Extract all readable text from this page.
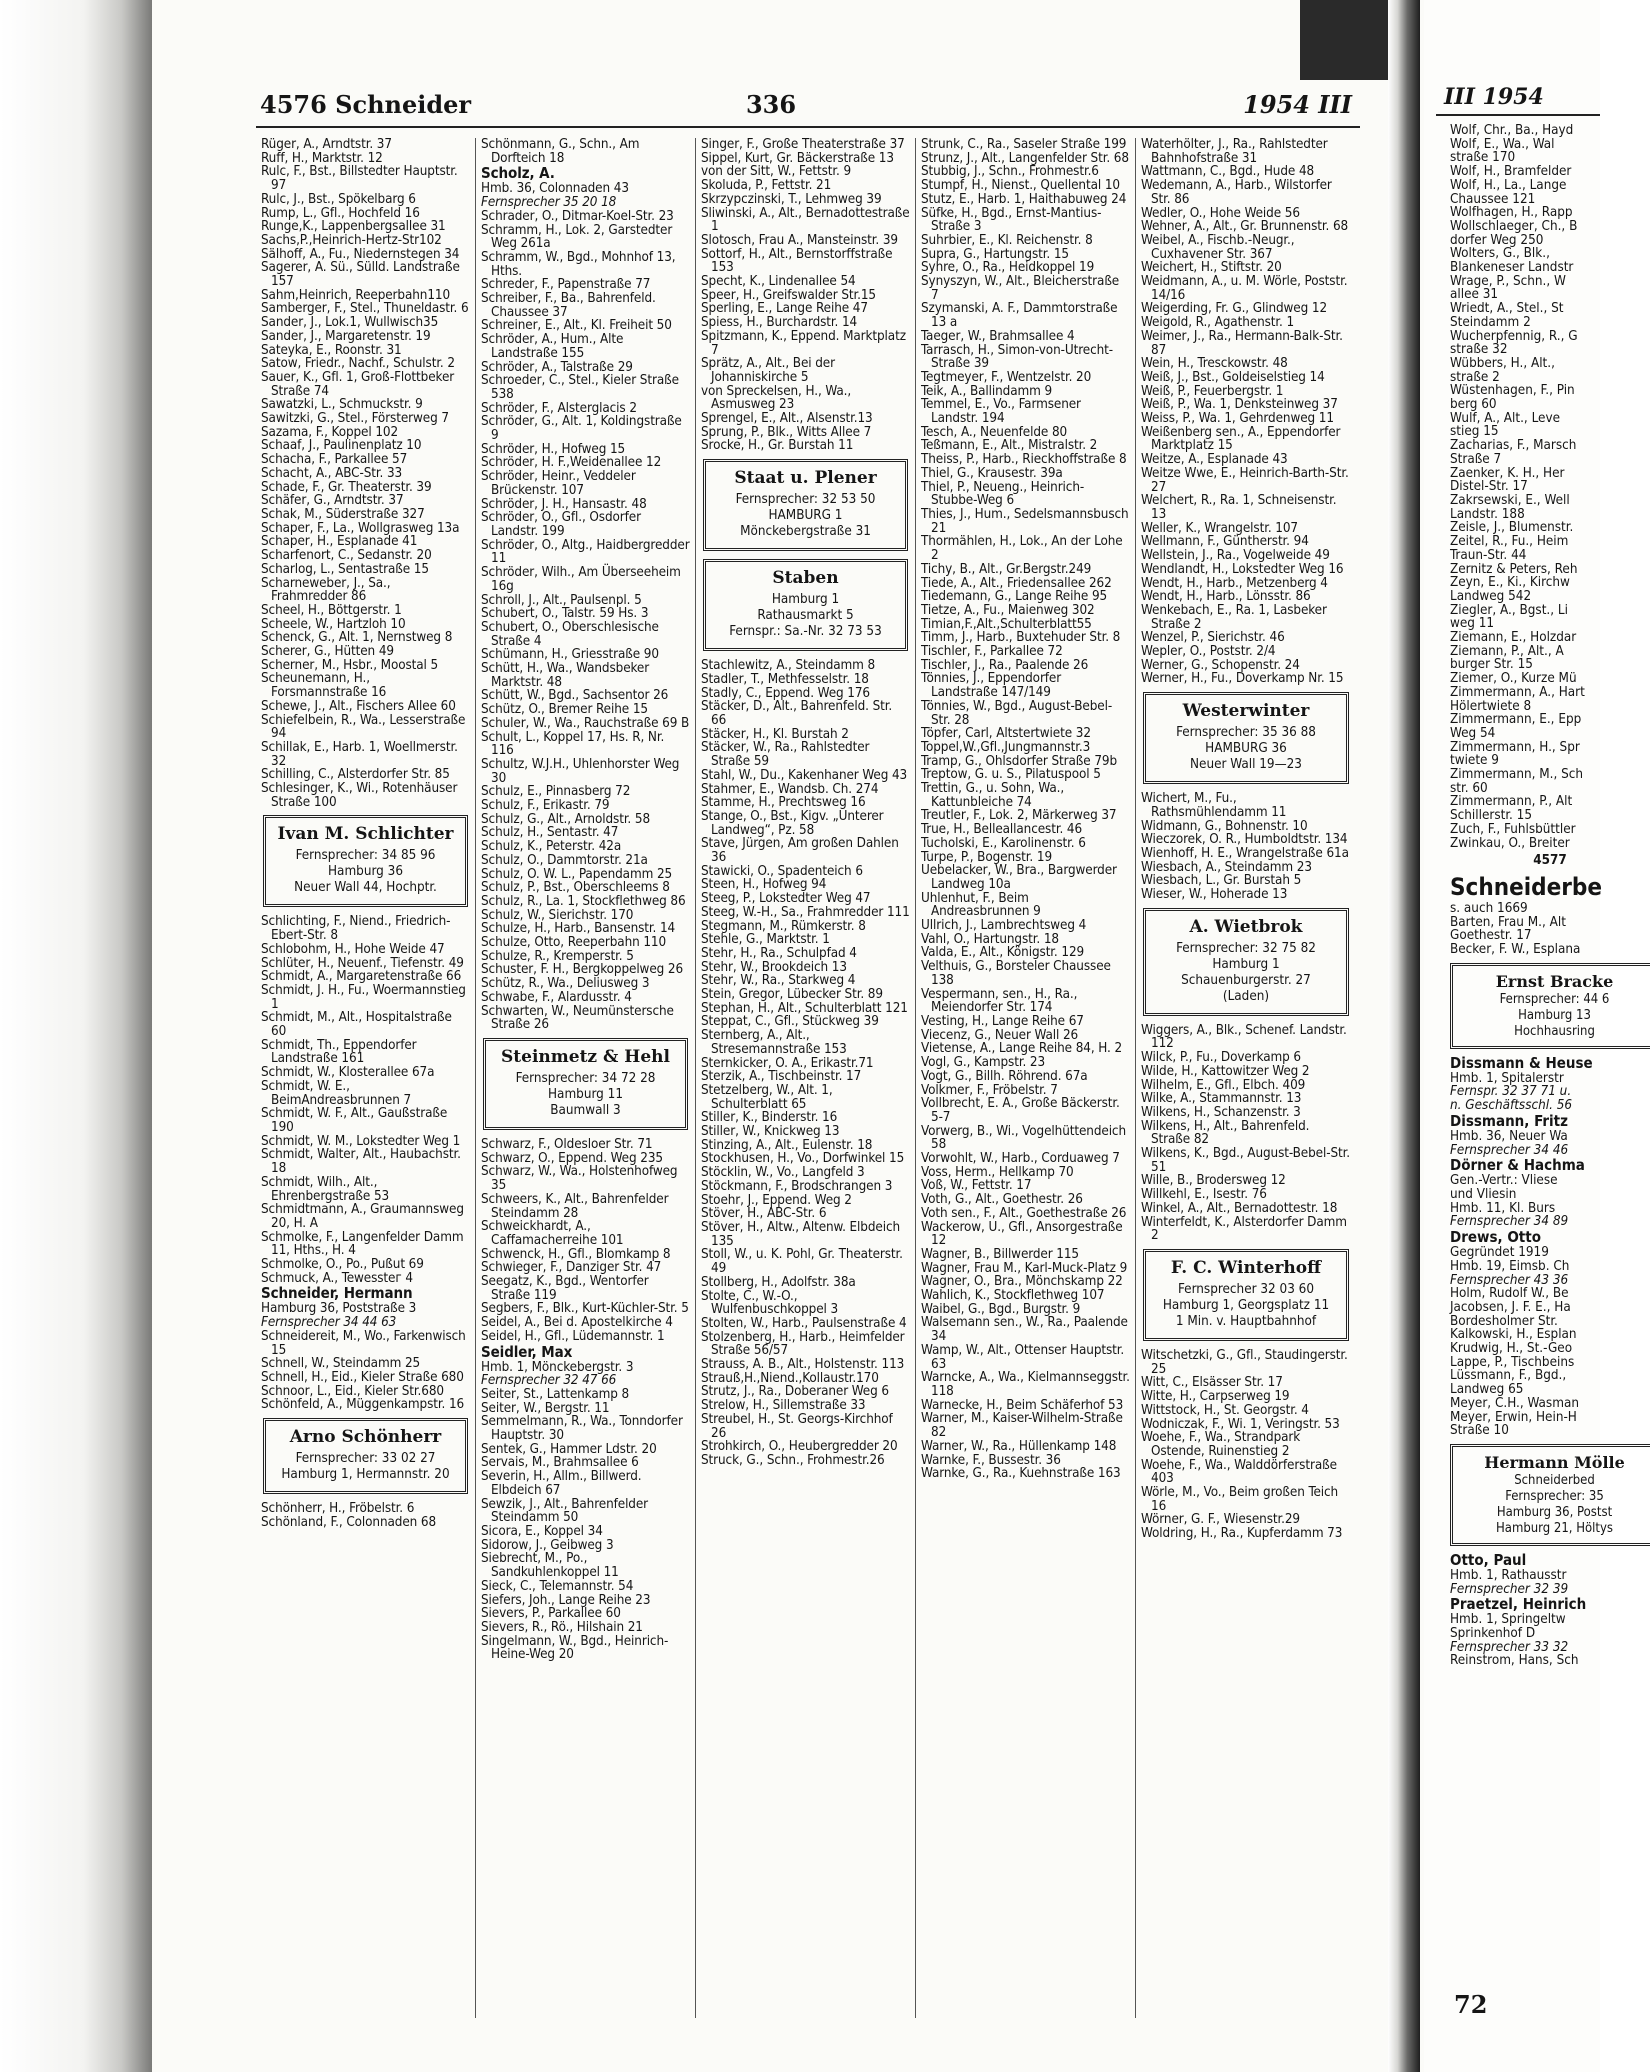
4576 Schneider	336	1954 III

Rüger, A., Arndtstr. 37

Ruff, H., Marktstr. 12

Rulc, F., Bst., Billstedter Hauptstr. 97

Rulc, J., Bst., Spökelbarg 6

Rump, L., Gfl., Hochfeld 16

Runge,K., Lappenbergsallee 31

Sachs,P.,Heinrich-Hertz-Str102

Sälhoff, A., Fu., Niedernstegen 34

Sagerer, A. Sü., Sülld. Landstraße 157

Sahm,Heinrich, Reeperbahn110

Samberger, F., Stel., Thuneldastr. 6

Sander, J., Lok.1, Wullwisch35

Sander, J., Margaretenstr. 19

Sateyka, E., Roonstr. 31

Satow, Friedr., Nachf., Schulstr. 2

Sauer, K., Gfl. 1, Groß-Flottbeker Straße 74

Sawatzki, L., Schmuckstr. 9

Sawitzki, G., Stel., Försterweg 7

Sazama, F., Koppel 102

Schaaf, J., Paulinenplatz 10

Schacha, F., Parkallee 57

Schacht, A., ABC-Str. 33

Schade, F., Gr. Theaterstr. 39

Schäfer, G., Arndtstr. 37

Schak, M., Süderstraße 327

Schaper, F., La., Wollgrasweg 13a

Schaper, H., Esplanade 41

Scharfenort, C., Sedanstr. 20

Scharlog, L., Sentastraße 15

Scharneweber, J., Sa., Frahmredder 86

Scheel, H., Böttgerstr. 1

Scheele, W., Hartzloh 10

Schenck, G., Alt. 1, Nernstweg 8

Scherer, G., Hütten 49

Scherner, M., Hsbr., Moostal 5

Scheunemann, H., Forsmannstraße 16

Schewe, J., Alt., Fischers Allee 60

Schiefelbein, R., Wa., Lesserstraße 94

Schillak, E., Harb. 1, Woellmerstr. 32

Schilling, C., Alsterdorfer Str. 85

Schlesinger, K., Wi., Rotenhäuser Straße 100

Ivan M. Schlichter
Fernsprecher: 34 85 96
Hamburg 36
Neuer Wall 44, Hochptr.

Schlichting, F., Niend., Friedrich-Ebert-Str. 8

Schlobohm, H., Hohe Weide 47

Schlüter, H., Neuenf., Tiefenstr. 49

Schmidt, A., Margaretenstraße 66

Schmidt, J. H., Fu., Woermannstieg 1

Schmidt, M., Alt., Hospitalstraße 60

Schmidt, Th., Eppendorfer Landstraße 161

Schmidt, W., Klosterallee 67a

Schmidt, W. E., BeimAndreasbrunnen 7

Schmidt, W. F., Alt., Gaußstraße 190

Schmidt, W. M., Lokstedter Weg 1

Schmidt, Walter, Alt., Haubachstr. 18

Schmidt, Wilh., Alt., Ehrenbergstraße 53

Schmidtmann, A., Graumannsweg 20, H. A

Schmolke, F., Langenfelder Damm 11, Hths., H. 4

Schmolke, O., Po., Pußut 69

Schmuck, A., Tewesstег 4

Schneider, Hermann

Hamburg 36, Poststraße 3

Fernsprecher 34 44 63

Schneidereit, M., Wo., Farkenwisch 15

Schnell, W., Steindamm 25

Schnell, H., Eid., Kieler Straße 680

Schnoor, L., Eid., Kieler Str.680

Schönfeld, A., Müggenkampstr. 16

Arno Schönherr
Fernsprecher: 33 02 27
Hamburg 1, Hermannstr. 20

Schönherr, H., Fröbelstr. 6

Schönland, F., Colonnaden 68

Schönmann, G., Schn., Am Dorfteich 18

Scholz, A.

Hmb. 36, Colonnaden 43

Fernsprecher 35 20 18

Schrader, O., Ditmar-Koel-Str. 23

Schramm, H., Lok. 2, Garstedter Weg 261a

Schramm, W., Bgd., Mohnhof 13, Hths.

Schreder, F., Papenstraße 77

Schreiber, F., Ba., Bahrenfeld. Chaussee 37

Schreiner, E., Alt., Kl. Freiheit 50

Schröder, A., Hum., Alte Landstraße 155

Schröder, A., Talstraße 29

Schroeder, C., Stel., Kieler Straße 538

Schröder, F., Alsterglacis 2

Schröder, G., Alt. 1, Koldingstraße 9

Schröder, H., Hofweg 15

Schröder, H. F.,Weidenallee 12

Schröder, Heinr., Veddeler Brückenstr. 107

Schröder, J. H., Hansastr. 48

Schröder, O., Gfl., Osdorfer Landstr. 199

Schröder, O., Altg., Haidbergredder 11

Schröder, Wilh., Am Überseeheim 16g

Schroll, J., Alt., Paulsenpl. 5

Schubert, O., Talstr. 59 Hs. 3

Schubert, O., Oberschlesische Straße 4

Schümann, H., Griesstraße 90

Schütt, H., Wa., Wandsbeker Marktstr. 48

Schütt, W., Bgd., Sachsentor 26

Schütz, O., Bremer Reihe 15

Schuler, W., Wa., Rauchstraße 69 B

Schult, L., Koppel 17, Hs. R, Nr. 116

Schultz, W.J.H., Uhlenhorster Weg 30

Schulz, E., Pinnasberg 72

Schulz, F., Erikastr. 79

Schulz, G., Alt., Arnoldstr. 58

Schulz, H., Sentastr. 47

Schulz, K., Peterstr. 42a

Schulz, O., Dammtorstr. 21a

Schulz, O. W. L., Papendamm 25

Schulz, P., Bst., Oberschleems 8

Schulz, R., La. 1, Stockflethweg 86

Schulz, W., Sierichstr. 170

Schulze, H., Harb., Bansenstr. 14

Schulze, Otto, Reeperbahn 110

Schulze, R., Kremperstr. 5

Schuster, F. H., Bergkoppelweg 26

Schütz, R., Wa., Deliusweg 3

Schwabe, F., Alardusstr. 4

Schwarten, W., Neumünstersche Straße 26

Steinmetz & Hehl
Fernsprecher: 34 72 28
Hamburg 11
Baumwall 3

Schwarz, F., Oldesloer Str. 71

Schwarz, O., Eppend. Weg 235

Schwarz, W., Wa., Holstenhofweg 35

Schweers, K., Alt., Bahrenfelder Steindamm 28

Schweickhardt, A., Caffamacherreihe 101

Schwenck, H., Gfl., Blomkamp 8

Schwieger, F., Danziger Str. 47

Seegatz, K., Bgd., Wentorfer Straße 119

Segbers, F., Blk., Kurt-Küchler-Str. 5

Seidel, A., Bei d. Apostelkirche 4

Seidel, H., Gfl., Lüdemannstr. 1

Seidler, Max

Hmb. 1, Mönckebergstr. 3

Fernsprecher 32 47 66

Seiter, St., Lattenkamp 8

Seiter, W., Bergstr. 11

Semmelmann, R., Wa., Tonndorfer Hauptstr. 30

Sentek, G., Hammer Ldstr. 20

Servais, M., Brahmsallee 6

Severin, H., Allm., Billwerd. Elbdeich 67

Sewzik, J., Alt., Bahrenfelder Steindamm 50

Sicora, E., Koppel 34

Sidorow, J., Geibweg 3

Siebrecht, M., Po., Sandkuhlenkoppel 11

Sieck, C., Telemannstr. 54

Siefers, Joh., Lange Reihe 23

Sievers, P., Parkallee 60

Sievers, R., Rö., Hilshain 21

Singelmann, W., Bgd., Heinrich-Heine-Weg 20

Singer, F., Große Theaterstraße 37

Sippel, Kurt, Gr. Bäckerstraße 13

von der Sitt, W., Fettstr. 9

Skoluda, P., Fettstr. 21

Skrzypczinski, T., Lehmweg 39

Sliwinski, A., Alt., Bernadottestraße 1

Slotosch, Frau A., Mansteinstr. 39

Sottorf, H., Alt., Bernstorffstraße 153

Specht, K., Lindenallee 54

Speer, H., Greifswalder Str.15

Sperling, E., Lange Reihe 47

Spiess, H., Burchardstr. 14

Spitzmann, K., Eppend. Marktplatz 7

Sprätz, A., Alt., Bei der Johanniskirche 5

von Spreckelsen, H., Wa., Asmusweg 23

Sprengel, E., Alt., Alsenstr.13

Sprung, P., Blk., Witts Allee 7

Srocke, H., Gr. Burstah 11

Staat u. Plener
Fernsprecher: 32 53 50
HAMBURG 1
Mönckebergstraße 31
Staben
Hamburg 1
Rathausmarkt 5
Fernspr.: Sa.-Nr. 32 73 53

Stachlewitz, A., Steindamm 8

Stadler, T., Methfesselstr. 18

Stadly, C., Eppend. Weg 176

Stäcker, D., Alt., Bahrenfeld. Str. 66

Stäcker, H., Kl. Burstah 2

Stäcker, W., Ra., Rahlstedter Straße 59

Stahl, W., Du., Kakenhaner Weg 43

Stahmer, E., Wandsb. Ch. 274

Stamme, H., Prechtsweg 16

Stange, O., Bst., Kigv. „Unterer Landweg“, Pz. 58

Stave, Jürgen, Am großen Dahlen 36

Stawicki, O., Spadenteich 6

Steen, H., Hofweg 94

Steeg, P., Lokstedter Weg 47

Steeg, W.-H., Sa., Frahmredder 111

Stegmann, M., Rümkerstr. 8

Stehle, G., Marktstr. 1

Stehr, H., Ra., Schulpfad 4

Stehr, W., Brookdeich 13

Stehr, W., Ra., Starkweg 4

Stein, Gregor, Lübecker Str. 89

Stephan, H., Alt., Schulterblatt 121

Steppat, C., Gfl., Stückweg 39

Sternberg, A., Alt., Stresemannstraße 153

Sternkicker, O. A., Erikastr.71

Sterzik, A., Tischbeinstr. 17

Stetzelberg, W., Alt. 1, Schulterblatt 65

Stiller, K., Binderstr. 16

Stiller, W., Knickweg 13

Stinzing, A., Alt., Eulenstr. 18

Stockhusen, H., Vo., Dorfwinkel 15

Stöcklin, W., Vo., Langfeld 3

Stöckmann, F., Brodschrangen 3

Stoehr, J., Eppend. Weg 2

Stöver, H., ABC-Str. 6

Stöver, H., Altw., Altenw. Elbdeich 135

Stoll, W., u. K. Pohl, Gr. Theaterstr. 49

Stollberg, H., Adolfstr. 38a

Stolte, C., W.-O., Wulfenbuschkoppel 3

Stolten, W., Harb., Paulsenstraße 4

Stolzenberg, H., Harb., Heimfelder Straße 56/57

Strauss, A. B., Alt., Holstenstr. 113

Strauß,H.,Niend.,Kollaustr.170

Strutz, J., Ra., Doberaner Weg 6

Strelow, H., Sillemstraße 33

Streubel, H., St. Georgs-Kirchhof 26

Strohkirch, O., Heubergredder 20

Struck, G., Schn., Frohmestr.26

Strunk, C., Ra., Saseler Straße 199

Strunz, J., Alt., Langenfelder Str. 68

Stubbig, J., Schn., Frohmestr.6

Stumpf, H., Nienst., Quellental 10

Stutz, E., Harb. 1, Haithabuweg 24

Süfke, H., Bgd., Ernst-Mantius-Straße 3

Suhrbier, E., Kl. Reichenstr. 8

Supra, G., Hartungstr. 15

Syhre, O., Ra., Heidkoppel 19

Synyszyn, W., Alt., Bleicherstraße 7

Szymanski, A. F., Dammtorstraße 13 a

Taeger, W., Brahmsallee 4

Tarrasch, H., Simon-von-Utrecht-Straße 39

Tegtmeyer, F., Wentzelstr. 20

Teik, A., Ballindamm 9

Temmel, E., Vo., Farmsener Landstr. 194

Tesch, A., Neuenfelde 80

Teßmann, E., Alt., Mistralstr. 2

Theiss, P., Harb., Rieckhoffstraße 8

Thiel, G., Krausestr. 39a

Thiel, P., Neueng., Heinrich-Stubbe-Weg 6

Thies, J., Hum., Sedelsmannsbusch 21

Thormählen, H., Lok., An der Lohe 2

Tichy, B., Alt., Gr.Bergstr.249

Tiede, A., Alt., Friedensallee 262

Tiedemann, G., Lange Reihe 95

Tietze, A., Fu., Maienweg 302

Timian,F.,Alt.,Schulterblatt55

Timm, J., Harb., Buxtehuder Str. 8

Tischler, F., Parkallee 72

Tischler, J., Ra., Paalende 26

Tönnies, J., Eppendorfer Landstraße 147/149

Tönnies, W., Bgd., August-Bebel-Str. 28

Töpfer, Carl, Altstertwiete 32

Toppel,W.,Gfl.,Jungmannstr.3

Tramp, G., Ohlsdorfer Straße 79b

Treptow, G. u. S., Pilatuspool 5

Trettin, G., u. Sohn, Wa., Kattunbleiche 74

Treutler, F., Lok. 2, Märkerweg 37

True, H., Belleallancestr. 46

Tucholski, E., Karolinenstr. 6

Turpe, P., Bogenstr. 19

Uebelacker, W., Bra., Bargwerder Landweg 10a

Uhlenhut, F., Beim Andreasbrunnen 9

Ullrich, J., Lambrechtsweg 4

Vahl, O., Hartungstr. 18

Valda, E., Alt., Königstr. 129

Velthuis, G., Borsteler Chaussee 138

Vespermann, sen., H., Ra., Meiendorfer Str. 174

Vesting, H., Lange Reihe 67

Viecenz, G., Neuer Wall 26

Vietense, A., Lange Reihe 84, H. 2

Vogl, G., Kampstr. 23

Vogt, G., Billh. Röhrend. 67a

Volkmer, F., Fröbelstr. 7

Vollbrecht, E. A., Große Bäckerstr. 5-7

Vorwerg, B., Wi., Vogelhüttendeich 58

Vorwohlt, W., Harb., Corduaweg 7

Voss, Herm., Hellkamp 70

Voß, W., Fettstr. 17

Voth, G., Alt., Goethestr. 26

Voth sen., F., Alt., Goethestraße 26

Wackerow, U., Gfl., Ansorgestraße 12

Wagner, B., Billwerder 115

Wagner, Frau M., Karl-Muck-Platz 9

Wagner, O., Bra., Mönchskamp 22

Wahlich, K., Stockflethweg 107

Waibel, G., Bgd., Burgstr. 9

Walsemann sen., W., Ra., Paalende 34

Wamp, W., Alt., Ottenser Hauptstr. 63

Warncke, A., Wa., Kielmannseggstr. 118

Warnecke, H., Beim Schäferhof 53

Warner, M., Kaiser-Wilhelm-Straße 82

Warner, W., Ra., Hüllenkamp 148

Warnke, F., Bussestr. 36

Warnke, G., Ra., Kuehnstraße 163

Waterhölter, J., Ra., Rahlstedter Bahnhofstraße 31

Wattmann, C., Bgd., Hude 48

Wedemann, A., Harb., Wilstorfer Str. 86

Wedler, O., Hohe Weide 56

Wehner, A., Alt., Gr. Brunnenstr. 68

Weibel, A., Fischb.-Neugr., Cuxhavener Str. 367

Weichert, H., Stiftstr. 20

Weidmann, A., u. M. Wörle, Poststr. 14/16

Weigerding, Fr. G., Glindweg 12

Weigold, R., Agathenstr. 1

Weimer, J., Ra., Hermann-Balk-Str. 87

Wein, H., Tresckowstr. 48

Weiß, J., Bst., Goldeiselstieg 14

Weiß, P., Feuerbergstr. 1

Weiß, P., Wa. 1, Denksteinweg 37

Weiss, P., Wa. 1, Gehrdenweg 11

Weißenberg sen., A., Eppendorfer Marktplatz 15

Weitze, A., Esplanade 43

Weitze Wwe, E., Heinrich-Barth-Str. 27

Welchert, R., Ra. 1, Schneisenstr. 13

Weller, K., Wrangelstr. 107

Wellmann, F., Güntherstr. 94

Wellstein, J., Ra., Vogelweide 49

Wendlandt, H., Lokstedter Weg 16

Wendt, H., Harb., Metzenberg 4

Wendt, H., Harb., Lönsstr. 86

Wenkebach, E., Ra. 1, Lasbeker Straße 2

Wenzel, P., Sierichstr. 46

Wepler, O., Poststr. 2/4

Werner, G., Schopenstr. 24

Werner, H., Fu., Doverkamp Nr. 15

Westerwinter
Fernsprecher: 35 36 88
HAMBURG 36
Neuer Wall 19—23

Wichert, M., Fu., Rathsmühlendamm 11

Widmann, G., Bohnenstr. 10

Wieczorek, O. R., Humboldtstr. 134

Wienhoff, H. E., Wrangelstraße 61a

Wiesbach, A., Steindamm 23

Wiesbach, L., Gr. Burstah 5

Wieser, W., Hoherade 13

A. Wietbrok
Fernsprecher: 32 75 82
Hamburg 1
Schauenburgerstr. 27
(Laden)

Wiggers, A., Blk., Schenef. Landstr. 112

Wilck, P., Fu., Doverkamp 6

Wilde, H., Kattowitzer Weg 2

Wilhelm, E., Gfl., Elbch. 409

Wilke, A., Stammannstr. 13

Wilkens, H., Schanzenstr. 3

Wilkens, H., Alt., Bahrenfeld. Straße 82

Wilkens, K., Bgd., August-Bebel-Str. 51

Wille, B., Brodersweg 12

Willkehl, E., Isestr. 76

Winkel, A., Alt., Bernadottestr. 18

Winterfeldt, K., Alsterdorfer Damm 2

F. C. Winterhoff
Fernsprecher 32 03 60
Hamburg 1, Georgsplatz 11
1 Min. v. Hauptbahnhof

Witschetzki, G., Gfl., Staudingerstr. 25

Witt, C., Elsässer Str. 17

Witte, H., Carpserweg 19

Wittstock, H., St. Georgstr. 4

Wodniczak, F., Wi. 1, Veringstr. 53

Woehe, F., Wa., Strandpark Ostende, Ruinenstieg 2

Woehe, F., Wa., Walddörferstraße 403

Wörle, M., Vo., Beim großen Teich 16

Wörner, G. F., Wiesenstr.29

Woldring, H., Ra., Kupferdamm 73

III 1954

Wolf, Chr., Ba., Hayd

Wolf, E., Wa., Wal

straße 170

Wolf, H., Bramfelder

Wolf, H., La., Lange

Chaussee 121

Wolfhagen, H., Rapp

Wollschlaeger, Ch., B

dorfer Weg 250

Wolters, G., Blk.,

Blankeneser Landstr

Wrage, P., Schn., W

allee 31

Wriedt, A., Stel., St

Steindamm 2

Wucherpfennig, R., G

straße 32

Wübbers, H., Alt.,

straße 2

Wüstenhagen, F., Pin

berg 60

Wulf, A., Alt., Leve

stieg 15

Zacharias, F., Marsch

Straße 7

Zaenker, K. H., Her

Distel-Str. 17

Zakrsewski, E., Well

Landstr. 188

Zeisle, J., Blumenstr.

Zeitel, R., Fu., Heim

Traun-Str. 44

Zernitz & Peters, Reh

Zeyn, E., Ki., Kirchw

Landweg 542

Ziegler, A., Bgst., Li

weg 11

Ziemann, E., Holzdar

Ziemann, P., Alt., A

burger Str. 15

Ziemer, O., Kurze Mü

Zimmermann, A., Hart

Hölertwiete 8

Zimmermann, E., Epp

Weg 54

Zimmermann, H., Spr

twiete 9

Zimmermann, M., Sch

str. 60

Zimmermann, P., Alt

Schillerstr. 15

Zuch, F., Fuhlsbüttler

Zwinkau, O., Breiter

4577

Schneiderbe

s. auch 1669

Barten, Frau M., Alt

Goethestr. 17

Becker, F. W., Esplana

Ernst Bracke
Fernsprecher: 44 6
Hamburg 13
Hochhausring

Dissmann & Heuse

Hmb. 1, Spitalerstr

Fernspr. 32 37 71 u.

n. Geschäftsschl. 56

Dissmann, Fritz

Hmb. 36, Neuer Wa

Fernsprecher 34 46

Dörner & Hachma

Gen.-Vertr.: Vliese

und Vliesin

Hmb. 11, Kl. Burs

Fernsprecher 34 89

Drews, Otto

Gegründet 1919

Hmb. 19, Eimsb. Ch

Fernsprecher 43 36

Holm, Rudolf W., Be

Jacobsen, J. F. E., Ha

Bordesholmer Str.

Kalkowski, H., Esplan

Krudwig, H., St.-Geo

Lappe, P., Tischbeins

Lüssmann, F., Bgd.,

Landweg 65

Meyer, C.H., Wasman

Meyer, Erwin, Hein-H

Straße 10

Hermann Mölle
Schneiderbed
Fernsprecher: 35
Hamburg 36, Postst
Hamburg 21, Höltys

Otto, Paul

Hmb. 1, Rathausstr

Fernsprecher 32 39

Praetzel, Heinrich

Hmb. 1, Springeltw

Sprinkenhof D

Fernsprecher 33 32

Reinstrom, Hans, Sch

72
